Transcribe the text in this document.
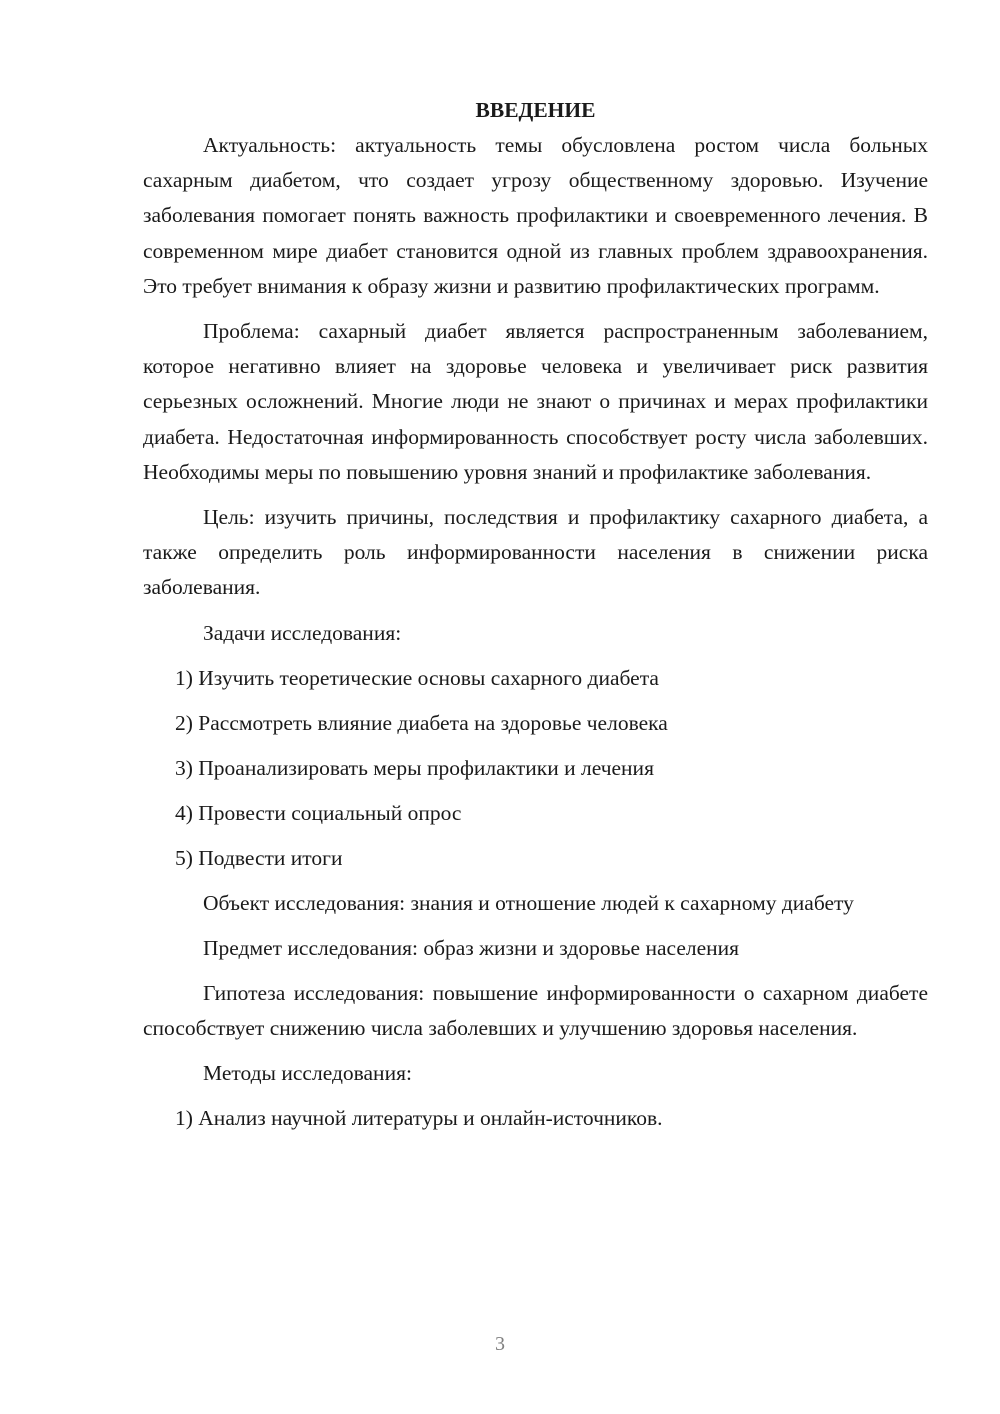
ВВЕДЕНИЕ

Актуальность: актуальность темы обусловлена ростом числа больных сахарным диабетом, что создает угрозу общественному здоровью. Изучение заболевания помогает понять важность профилактики и своевременного лечения. В современном мире диабет становится одной из главных проблем здравоохранения. Это требует внимания к образу жизни и развитию профилактических программ.

Проблема: сахарный диабет является распространенным заболеванием, которое негативно влияет на здоровье человека и увеличивает риск развития серьезных осложнений. Многие люди не знают о причинах и мерах профилактики диабета. Недостаточная информированность способствует росту числа заболевших. Необходимы меры по повышению уровня знаний и профилактике заболевания.

Цель: изучить причины, последствия и профилактику сахарного диабета, а также определить роль информированности населения в снижении риска заболевания.

Задачи исследования:

1) Изучить теоретические основы сахарного диабета

2) Рассмотреть влияние диабета на здоровье человека

3) Проанализировать меры профилактики и лечения

4) Провести социальный опрос

5) Подвести итоги

Объект исследования: знания и отношение людей к сахарному диабету

Предмет исследования: образ жизни и здоровье населения

Гипотеза исследования: повышение информированности о сахарном диабете способствует снижению числа заболевших и улучшению здоровья населения.

Методы исследования:

1) Анализ научной литературы и онлайн-источников.

3
